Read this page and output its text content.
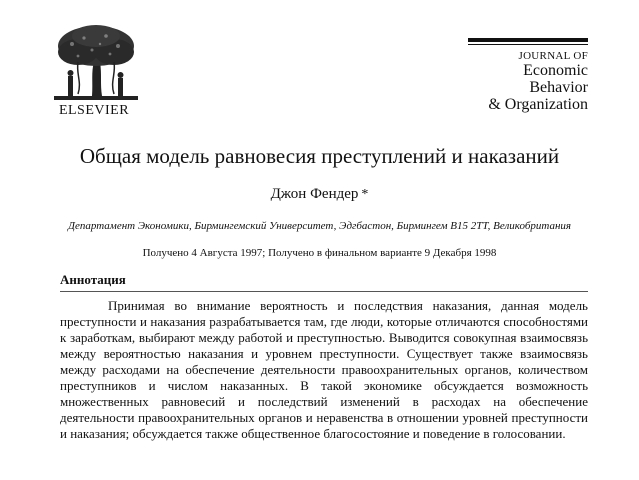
ELSEVIER
JOURNAL OF
Economic Behavior
& Organization
Общая модель равновесия преступлений и наказаний
Джон Фендер *
Департамент Экономики, Бирмингемский Университет, Эдгбастон, Бирмингем B15 2TT, Великобритания
Получено 4 Августа 1997; Получено в финальном варианте 9 Декабря 1998
Аннотация

Принимая во внимание вероятность и последствия наказания, данная модель преступности и наказания разрабатывается там, где люди, которые отличаются способностями к заработкам, выбирают между работой и преступностью. Выводится совокупная взаимосвязь между вероятностью наказания и уровнем преступности. Существует также взаимосвязь между расходами на обеспечение деятельности правоохранительных органов, количеством преступников и числом наказанных. В такой экономике обсуждается возможность множественных равновесий и последствий изменений в расходах на обеспечение деятельности правоохранительных органов и неравенства в отношении уровней преступности и наказания; обсуждается также общественное благосостояние и поведение в голосовании.
